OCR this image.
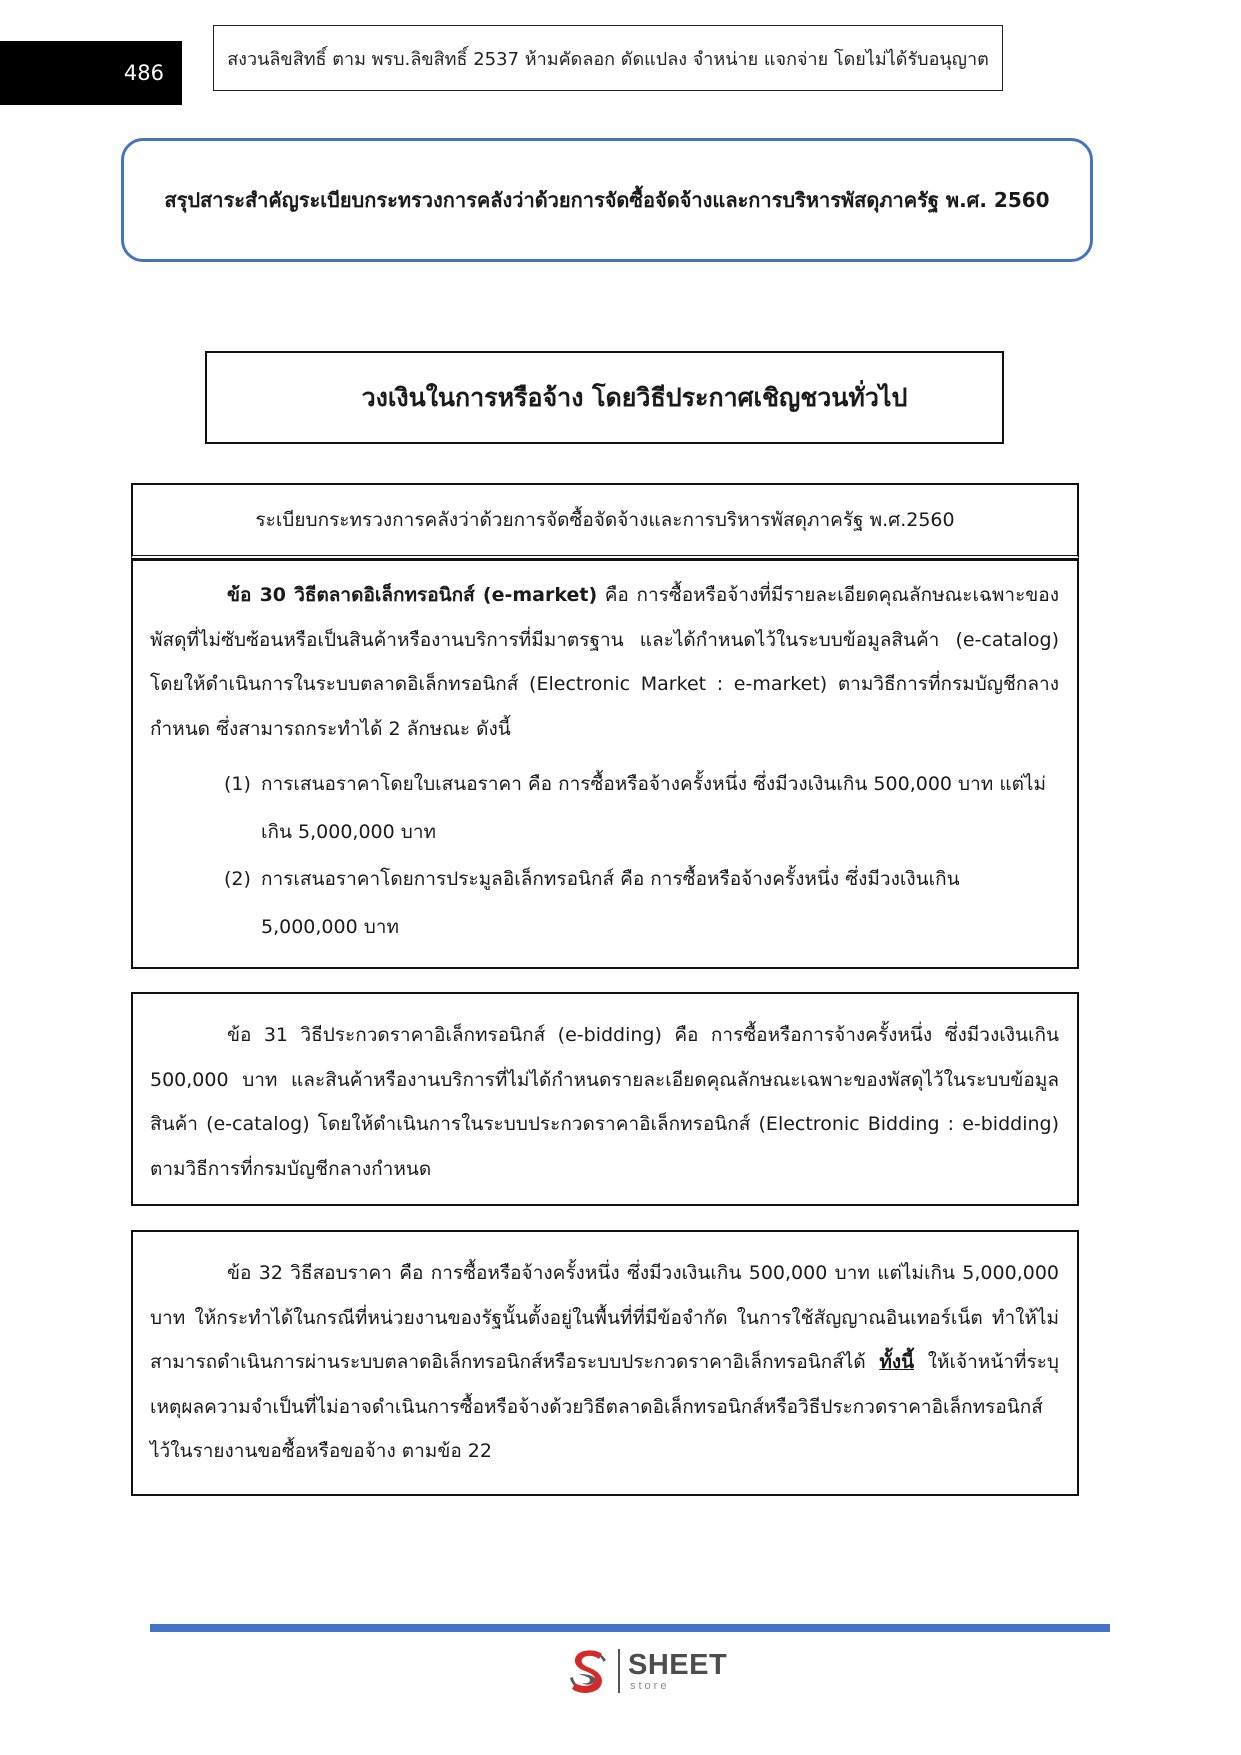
486
สงวนลิขสิทธิ์ ตาม พรบ.ลิขสิทธิ์ 2537 ห้ามคัดลอก ดัดแปลง จำหน่าย แจกจ่าย โดยไม่ได้รับอนุญาต
สรุปสาระสำคัญระเบียบกระทรวงการคลังว่าด้วยการจัดซื้อจัดจ้างและการบริหารพัสดุภาครัฐ พ.ศ. 2560
วงเงินในการหรือจ้าง โดยวิธีประกาศเชิญชวนทั่วไป
ระเบียบกระทรวงการคลังว่าด้วยการจัดซื้อจัดจ้างและการบริหารพัสดุภาครัฐ พ.ศ.2560

ข้อ 30 วิธีตลาดอิเล็กทรอนิกส์ (e-market) คือ การซื้อหรือจ้างที่มีรายละเอียดคุณลักษณะเฉพาะของพัสดุที่ไม่ซับซ้อนหรือเป็นสินค้าหรืองานบริการที่มีมาตรฐาน และได้กำหนดไว้ในระบบข้อมูลสินค้า (e-catalog) โดยให้ดำเนินการในระบบตลาดอิเล็กทรอนิกส์ (Electronic Market : e-market) ตามวิธีการที่กรมบัญชีกลางกำหนด ซึ่งสามารถกระทำได้ 2 ลักษณะ ดังนี้

(1) การเสนอราคาโดยใบเสนอราคา คือ การซื้อหรือจ้างครั้งหนึ่ง ซึ่งมีวงเงินเกิน 500,000 บาท แต่ไม่เกิน 5,000,000 บาท
(2) การเสนอราคาโดยการประมูลอิเล็กทรอนิกส์ คือ การซื้อหรือจ้างครั้งหนึ่ง ซึ่งมีวงเงินเกิน 5,000,000 บาท

ข้อ 31 วิธีประกวดราคาอิเล็กทรอนิกส์ (e-bidding) คือ การซื้อหรือการจ้างครั้งหนึ่ง ซึ่งมีวงเงินเกิน 500,000 บาท และสินค้าหรืองานบริการที่ไม่ได้กำหนดรายละเอียดคุณลักษณะเฉพาะของพัสดุไว้ในระบบข้อมูลสินค้า (e-catalog) โดยให้ดำเนินการในระบบประกวดราคาอิเล็กทรอนิกส์ (Electronic Bidding : e-bidding) ตามวิธีการที่กรมบัญชีกลางกำหนด

ข้อ 32 วิธีสอบราคา คือ การซื้อหรือจ้างครั้งหนึ่ง ซึ่งมีวงเงินเกิน 500,000 บาท แต่ไม่เกิน 5,000,000 บาท ให้กระทำได้ในกรณีที่หน่วยงานของรัฐนั้นตั้งอยู่ในพื้นที่ที่มีข้อจำกัด ในการใช้สัญญาณอินเทอร์เน็ต ทำให้ไม่สามารถดำเนินการผ่านระบบตลาดอิเล็กทรอนิกส์หรือระบบประกวดราคาอิเล็กทรอนิกส์ได้ ทั้งนี้ ให้เจ้าหน้าที่ระบุเหตุผลความจำเป็นที่ไม่อาจดำเนินการซื้อหรือจ้างด้วยวิธีตลาดอิเล็กทรอนิกส์หรือวิธีประกวดราคาอิเล็กทรอนิกส์ไว้ในรายงานขอซื้อหรือขอจ้าง ตามข้อ 22

SHEET
store
